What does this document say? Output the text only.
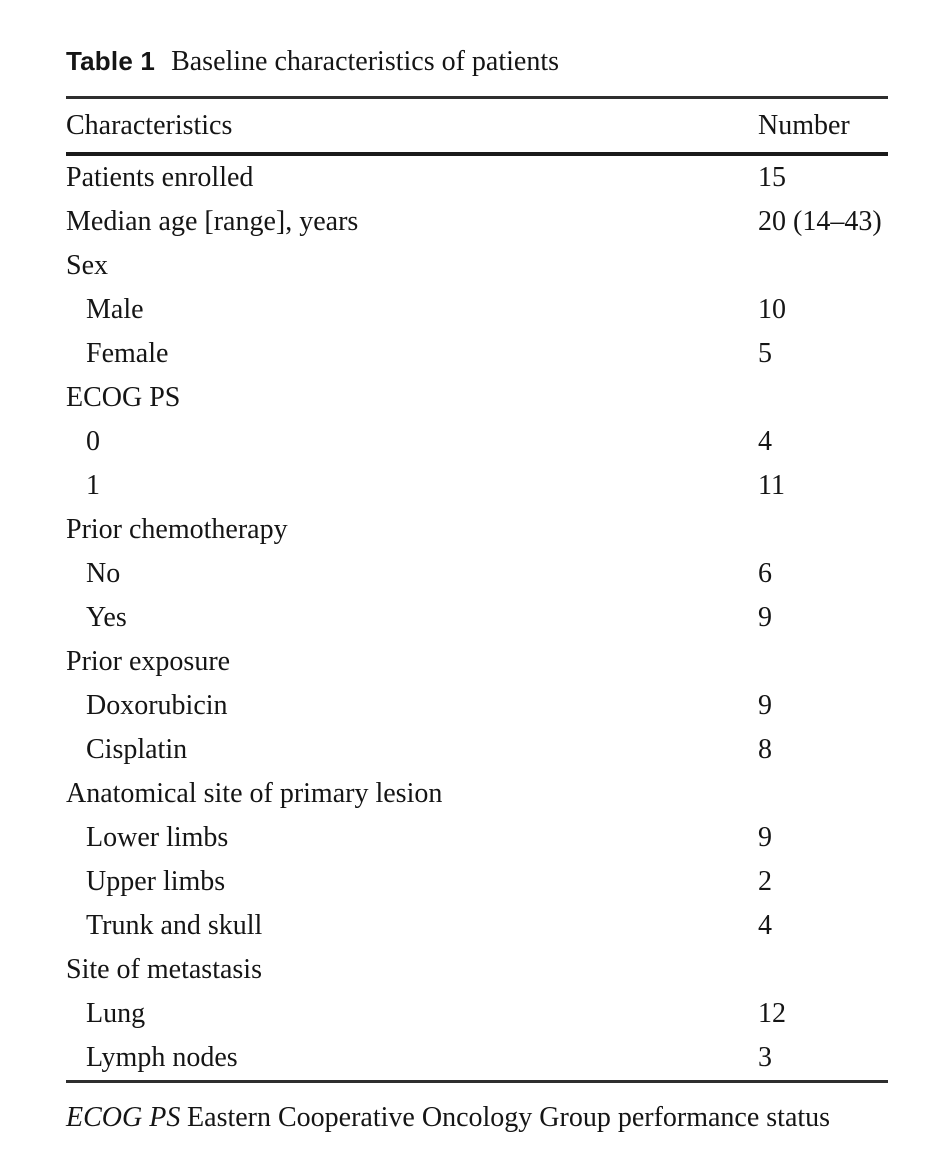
Table 1 Baseline characteristics of patients
Characteristics	Number
Patients enrolled	15
Median age [range], years	20 (14–43)
Sex
Male	10
Female	5
ECOG PS
0	4
1	11
Prior chemotherapy
No	6
Yes	9
Prior exposure
Doxorubicin	9
Cisplatin	8
Anatomical site of primary lesion
Lower limbs	9
Upper limbs	2
Trunk and skull	4
Site of metastasis
Lung	12
Lymph nodes	3
ECOG PS Eastern Cooperative Oncology Group performance status
